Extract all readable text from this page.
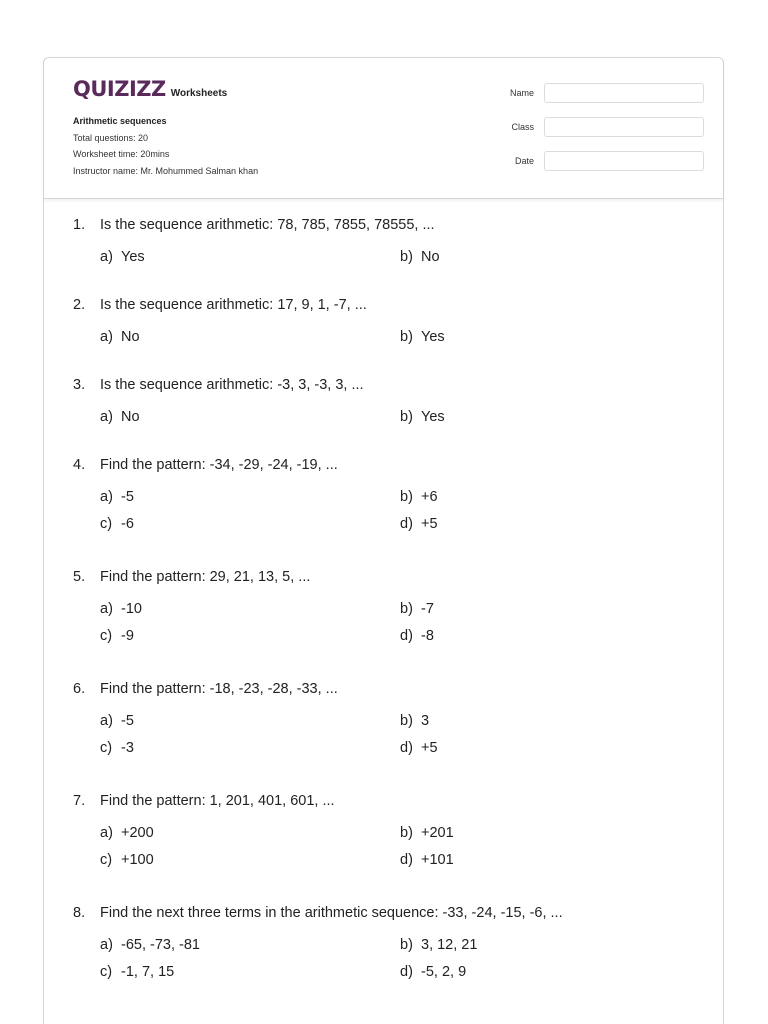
QUIZIZZ Worksheets
Arithmetic sequences
Total questions: 20
Worksheet time: 20mins
Instructor name: Mr. Mohummed Salman khan
Name
Class
Date
1.	Is the sequence arithmetic: 78, 785, 7855, 78555, ...
a) Yes	b) No
2.	Is the sequence arithmetic: 17, 9, 1, -7, ...
a) No	b) Yes
3.	Is the sequence arithmetic: -3, 3, -3, 3, ...
a) No	b) Yes
4.	Find the pattern: -34, -29, -24, -19, ...
a) -5	b) +6
c) -6	d) +5
5.	Find the pattern: 29, 21, 13, 5, ...
a) -10	b) -7
c) -9	d) -8
6.	Find the pattern: -18, -23, -28, -33, ...
a) -5	b) 3
c) -3	d) +5
7.	Find the pattern: 1, 201, 401, 601, ...
a) +200	b) +201
c) +100	d) +101
8.	Find the next three terms in the arithmetic sequence: -33, -24, -15, -6, ...
a) -65, -73, -81	b) 3, 12, 21
c) -1, 7, 15	d) -5, 2, 9
